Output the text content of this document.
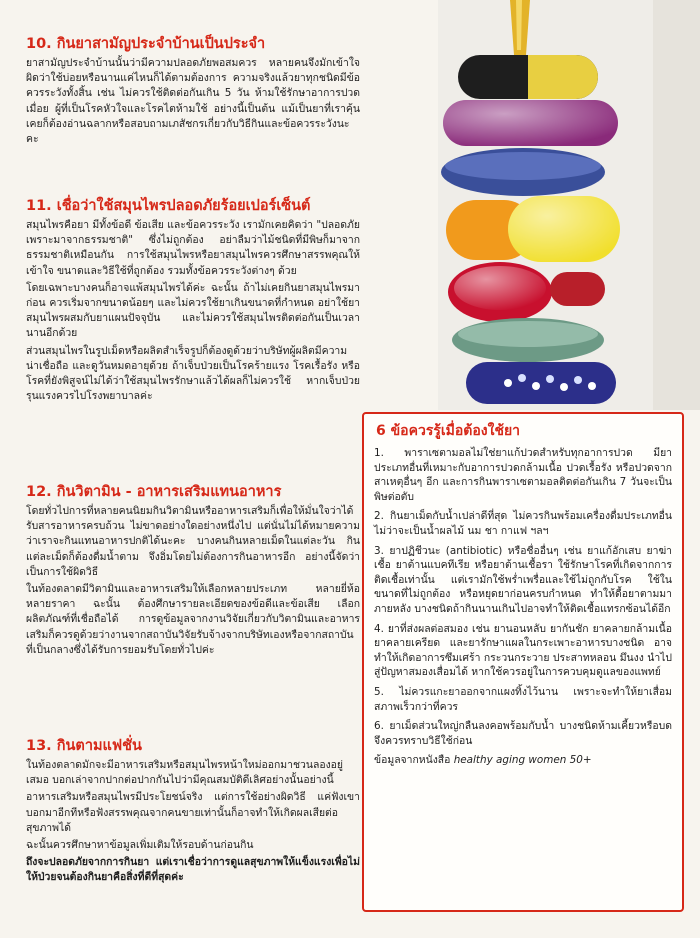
10. กินยาสามัญประจำบ้านเป็นประจำ

ยาสามัญประจำบ้านนั้นว่ามีความปลอดภัยพอสมควร หลายคนจึงมักเข้าใจผิดว่าใช้บ่อยหรือนานแค่ไหนก็ได้ตามต้องการ ความจริงแล้วยาทุกชนิดมีข้อควรระวังทั้งสิ้น เช่น ไม่ควรใช้ติดต่อกันเกิน 5 วัน ห้ามใช้รักษาอาการปวดเมื่อย ผู้ที่เป็นโรคหัวใจและโรคไตห้ามใช้ อย่างนี้เป็นต้น แม้เป็นยาที่เราคุ้นเคยก็ต้องอ่านฉลากหรือสอบถามเภสัชกรเกี่ยวกับวิธีกินและข้อควรระวังนะคะ

11. เชื่อว่าใช้สมุนไพรปลอดภัยร้อยเปอร์เซ็นต์

สมุนไพรคือยา มีทั้งข้อดี ข้อเสีย และข้อควรระวัง เรามักเคยคิดว่า "ปลอดภัยเพราะมาจากธรรมชาติ" ซึ่งไม่ถูกต้อง อย่าลืมว่าไม้ชนิดที่มีพิษก็มาจากธรรมชาติเหมือนกัน การใช้สมุนไพรหรือยาสมุนไพรควรศึกษาสรรพคุณให้เข้าใจ ขนาดและวิธีใช้ที่ถูกต้อง รวมทั้งข้อควรระวังต่างๆ ด้วย

โดยเฉพาะบางคนก็อาจแพ้สมุนไพรได้ค่ะ ฉะนั้น ถ้าไม่เคยกินยาสมุนไพรมาก่อน ควรเริ่มจากขนาดน้อยๆ และไม่ควรใช้ยาเกินขนาดที่กำหนด อย่าใช้ยาสมุนไพรผสมกับยาแผนปัจจุบัน และไม่ควรใช้สมุนไพรติดต่อกันเป็นเวลานานอีกด้วย

ส่วนสมุนไพรในรูปเม็ดหรือผลิตสำเร็จรูปก็ต้องดูด้วยว่าบริษัทผู้ผลิตมีความน่าเชื่อถือ และดูวันหมดอายุด้วย ถ้าเจ็บป่วยเป็นโรคร้ายแรง โรคเรื้อรัง หรือโรคที่ยังพิสูจน์ไม่ได้ว่าใช้สมุนไพรรักษาแล้วได้ผลก็ไม่ควรใช้ หากเจ็บป่วยรุนแรงควรไปโรงพยาบาลค่ะ

12. กินวิตามิน - อาหารเสริมแทนอาหาร

โดยทั่วไปการที่หลายคนนิยมกินวิตามินหรืออาหารเสริมก็เพื่อให้มั่นใจว่าได้รับสารอาหารครบถ้วน ไม่ขาดอย่างใดอย่างหนึ่งไป แต่นั่นไม่ได้หมายความว่าเราจะกินแทนอาหารปกติได้นะคะ บางคนกินหลายเม็ดในแต่ละวัน กินแต่ละเม็ดก็ต้องดื่มน้ำตาม จึงอิ่มโดยไม่ต้องการกินอาหารอีก อย่างนี้จัดว่าเป็นการใช้ผิดวิธี

ในท้องตลาดมีวิตามินและอาหารเสริมให้เลือกหลายประเภท หลายยี่ห้อ หลายราคา ฉะนั้น ต้องศึกษารายละเอียดของข้อดีและข้อเสีย เลือกผลิตภัณฑ์ที่เชื่อถือได้ การดูข้อมูลจากงานวิจัยเกี่ยวกับวิตามินและอาหารเสริมก็ควรดูด้วยว่างานจากสถาบันวิจัยรับจ้างจากบริษัทเองหรือจากสถาบันที่เป็นกลางซึ่งได้รับการยอมรับโดยทั่วไปค่ะ

13. กินตามแฟชั่น

ในท้องตลาดมักจะมีอาหารเสริมหรือสมุนไพรหน้าใหม่ออกมาชวนลองอยู่เสมอ บอกเล่าจากปากต่อปากกันไปว่ามีคุณสมบัติดีเลิศอย่างนั้นอย่างนี้

อาหารเสริมหรือสมุนไพรมีประโยชน์จริง แต่การใช้อย่างผิดวิธี แค่ฟังเขาบอกมาอีกทีหรือฟังสรรพคุณจากคนขายเท่านั้นก็อาจทำให้เกิดผลเสียต่อสุขภาพได้

ฉะนั้นควรศึกษาหาข้อมูลเพิ่มเติมให้รอบด้านก่อนกิน

ถึงจะปลอดภัยจากการกินยา แต่เราเชื่อว่าการดูแลสุขภาพให้แข็งแรงเพื่อไม่ให้ป่วยจนต้องกินยาคือสิ่งที่ดีที่สุดค่ะ

6 ข้อควรรู้เมื่อต้องใช้ยา
1. พาราเซตามอลไม่ใช่ยาแก้ปวดสำหรับทุกอาการปวด มียาประเภทอื่นที่เหมาะกับอาการปวดกล้ามเนื้อ ปวดเรื้อรัง หรือปวดจากสาเหตุอื่นๆ อีก และการกินพาราเซตามอลติดต่อกันเกิน 7 วันจะเป็นพิษต่อตับ
2. กินยาเม็ดกับน้ำเปล่าดีที่สุด ไม่ควรกินพร้อมเครื่องดื่มประเภทอื่น ไม่ว่าจะเป็นน้ำผลไม้ นม ชา กาแฟ ฯลฯ
3. ยาปฏิชีวนะ (antibiotic) หรือชื่ออื่นๆ เช่น ยาแก้อักเสบ ยาฆ่าเชื้อ ยาต้านแบคทีเรีย หรือยาต้านเชื้อรา ใช้รักษาโรคที่เกิดจากการติดเชื้อเท่านั้น แต่เรามักใช้พร่ำเพรื่อและใช้ไม่ถูกกับโรค ใช้ในขนาดที่ไม่ถูกต้อง หรือหยุดยาก่อนครบกำหนด ทำให้ดื้อยาตามมาภายหลัง บางชนิดถ้ากินนานเกินไปอาจทำให้ติดเชื้อแทรกซ้อนได้อีก
4. ยาที่ส่งผลต่อสมอง เช่น ยานอนหลับ ยากันชัก ยาคลายกล้ามเนื้อ ยาคลายเครียด และยารักษาแผลในกระเพาะอาหารบางชนิด อาจทำให้เกิดอาการซึมเศร้า กระวนกระวาย ประสาทหลอน มึนงง นำไปสู่ปัญหาสมองเสื่อมได้ หากใช้ควรอยู่ในการควบคุมดูแลของแพทย์
5. ไม่ควรแกะยาออกจากแผงทิ้งไว้นาน เพราะจะทำให้ยาเสื่อมสภาพเร็วกว่าที่ควร
6. ยาเม็ดส่วนใหญ่กลืนลงคอพร้อมกับน้ำ บางชนิดห้ามเคี้ยวหรือบด จึงควรทราบวิธีใช้ก่อน
ข้อมูลจากหนังสือ healthy aging women 50+
